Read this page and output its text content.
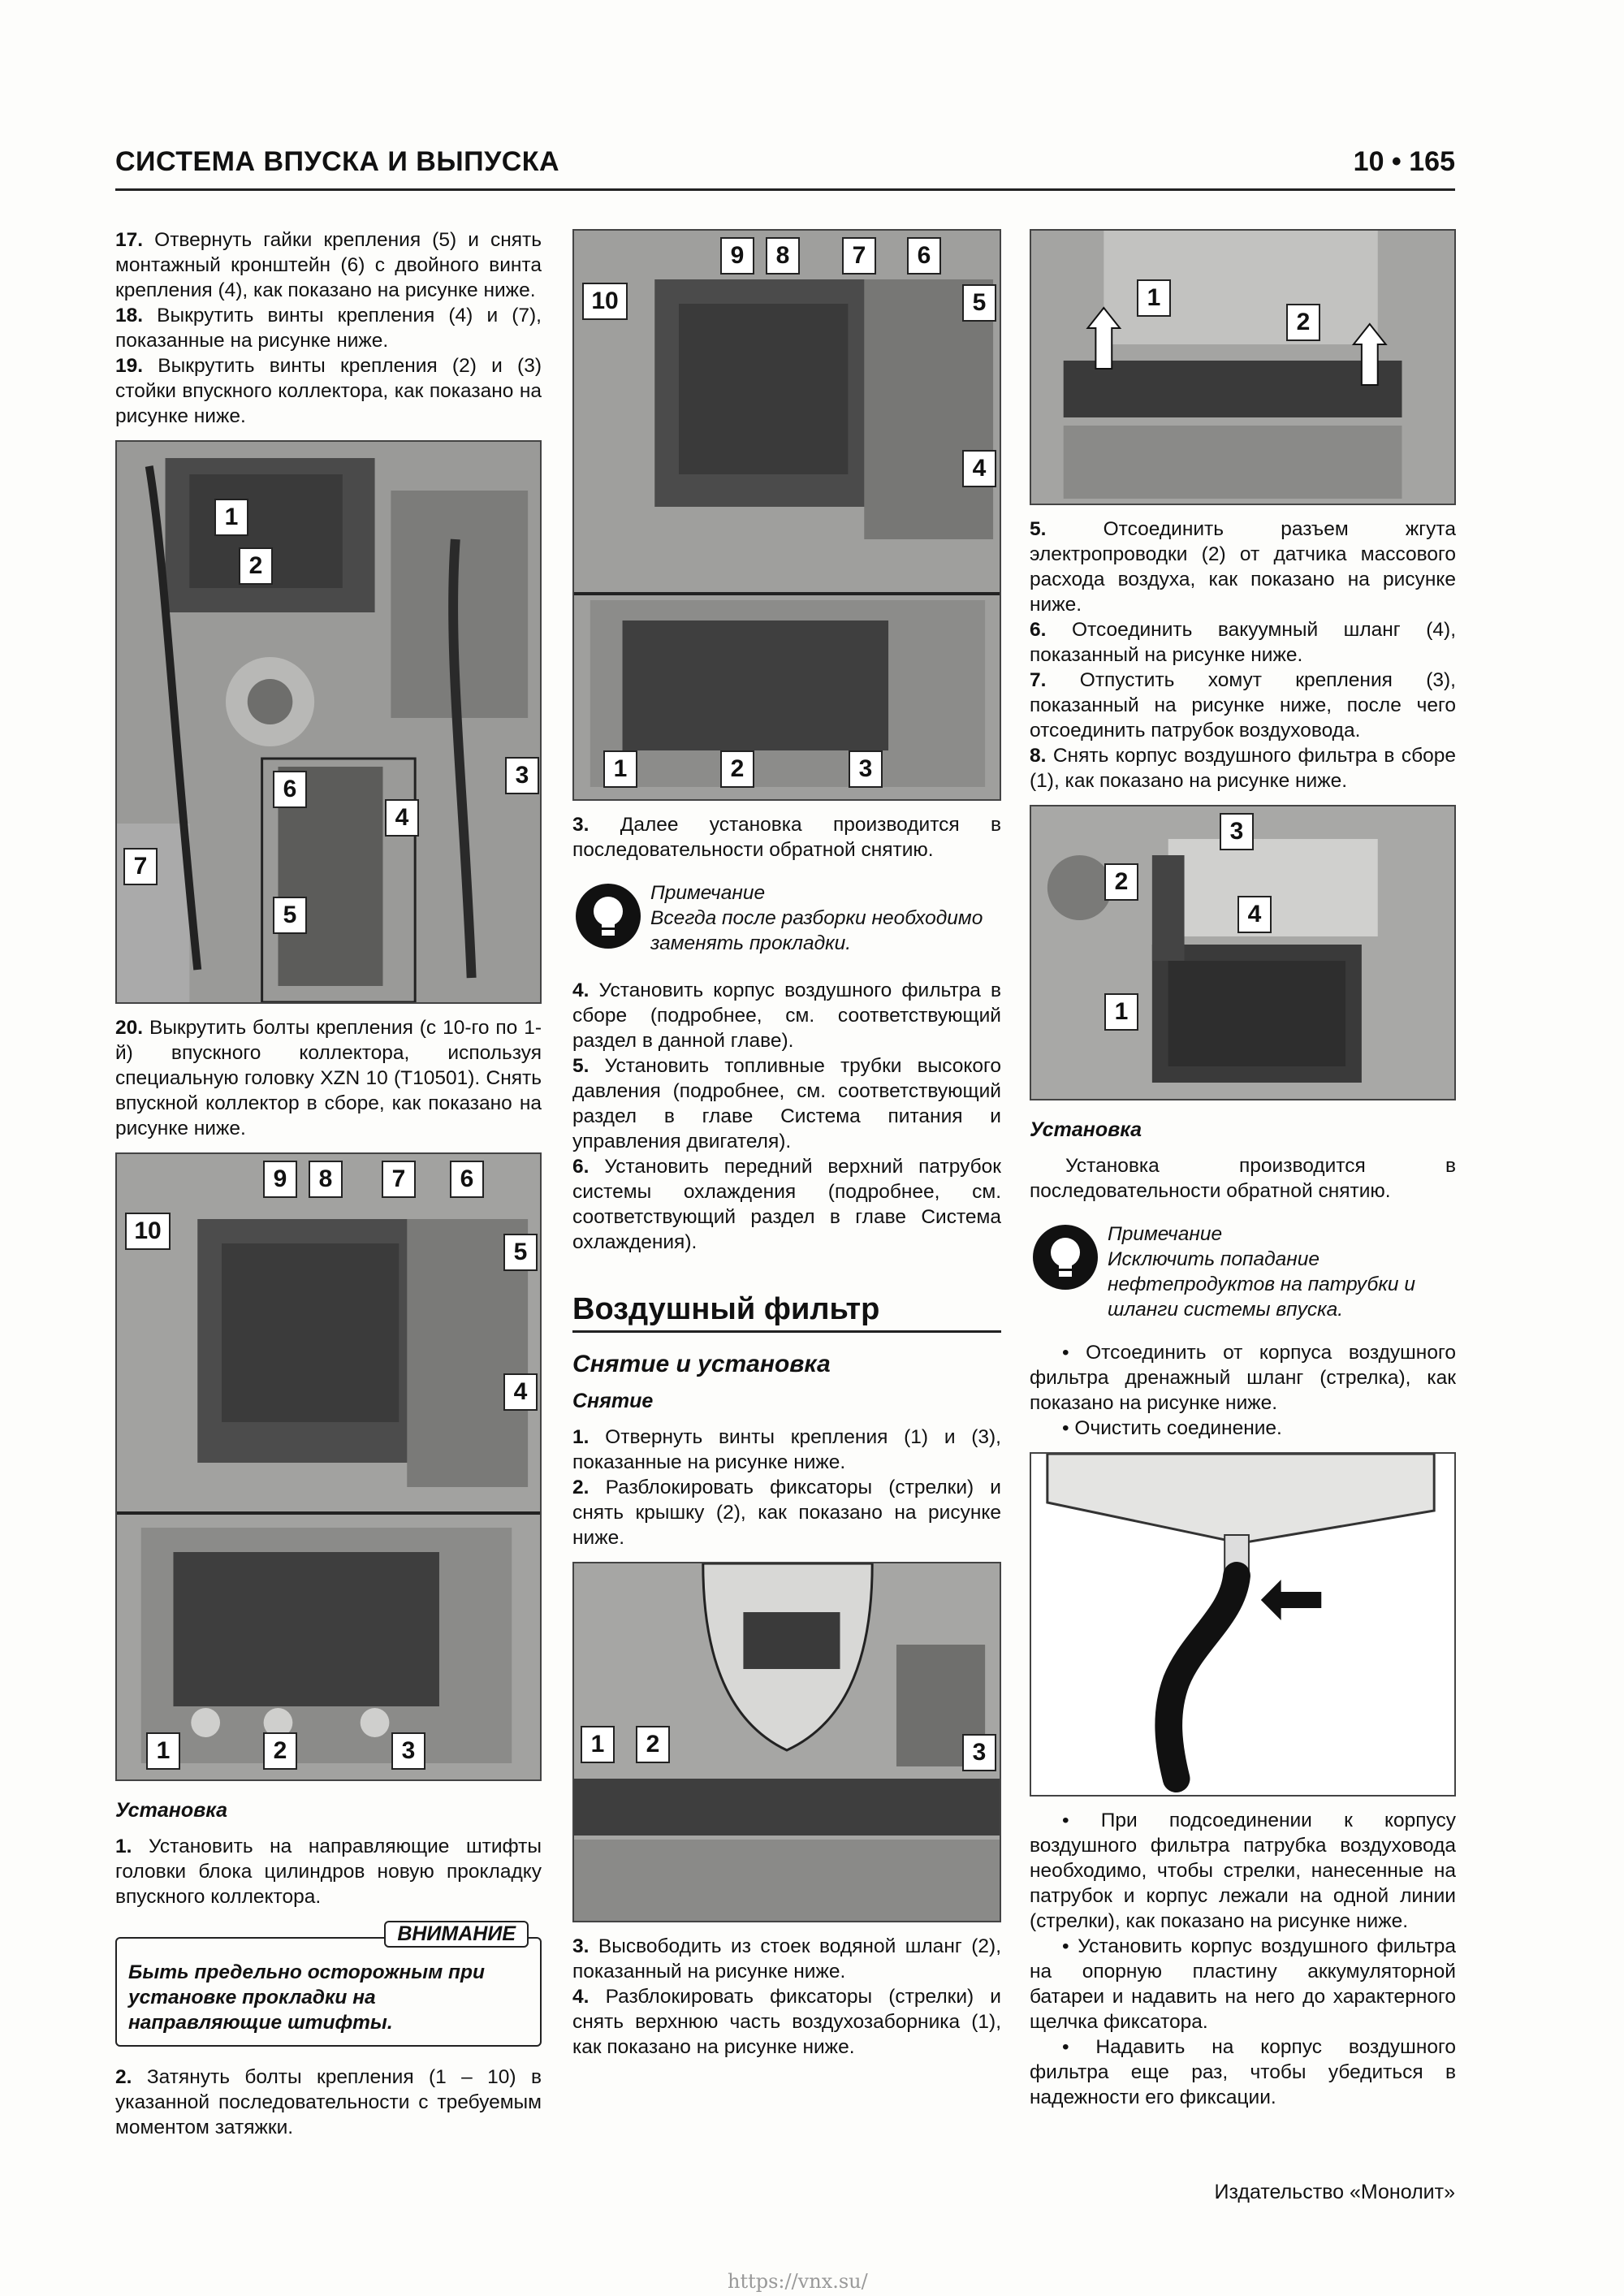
СИСТЕМА ВПУСКА И ВЫПУСКА	10 • 165

17. Отвернуть гайки крепления (5) и снять монтажный кронштейн (6) с двойного винта крепления (4), как показано на рисунке ниже.

18. Выкрутить винты крепления (4) и (7), показанные на рисунке ниже.

19. Выкрутить винты крепления (2) и (3) стойки впускного коллектора, как показано на рисунке ниже.

1
2
3
4
5
6
7

20. Выкрутить болты крепления (с 10-го по 1-й) впускного коллектора, используя специальную головку XZN 10 (T10501). Снять впускной коллектор в сборе, как показано на рисунке ниже.

9	8	7	6
10
5
4
1	2	3
Установка

1. Установить на направляющие штифты головки блока цилиндров новую прокладку впускного коллектора.

ВНИМАНИЕ
Быть предельно осторожным при установке прокладки на направляющие штифты.

2. Затянуть болты крепления (1 – 10) в указанной последовательности с требуемым моментом затяжки.

9	8	7	6
10	5
4
1	2	3

3. Далее установка производится в последовательности обратной снятию.

Примечание
Всегда после разборки необходимо заменять прокладки.

4. Установить корпус воздушного фильтра в сборе (подробнее, см. соответствующий раздел в данной главе).

5. Установить топливные трубки высокого давления (подробнее, см. соответствующий раздел в главе Система питания и управления двигателя).

6. Установить передний верхний патрубок системы охлаждения (подробнее, см. соответствующий раздел в главе Система охлаждения).

Воздушный фильтр
Снятие и установка
Снятие

1. Отвернуть винты крепления (1) и (3), показанные на рисунке ниже.

2. Разблокировать фиксаторы (стрелки) и снять крышку (2), как показано на рисунке ниже.

1	2	3

3. Высвободить из стоек водяной шланг (2), показанный на рисунке ниже.

4. Разблокировать фиксаторы (стрелки) и снять верхнюю часть воздухозаборника (1), как показано на рисунке ниже.

1
2

5. Отсоединить разъем жгута электропроводки (2) от датчика массового расхода воздуха, как показано на рисунке ниже.

6. Отсоединить вакуумный шланг (4), показанный на рисунке ниже.

7. Отпустить хомут крепления (3), показанный на рисунке ниже, после чего отсоединить патрубок воздуховода.

8. Снять корпус воздушного фильтра в сборе (1), как показано на рисунке ниже.

3
2
4
1
Установка

Установка производится в последовательности обратной снятию.

Примечание
Исключить попадание нефтепродуктов на патрубки и шланги системы впуска.

• Отсоединить от корпуса воздушного фильтра дренажный шланг (стрелка), как показано на рисунке ниже.

• Очистить соединение.

• При подсоединении к корпусу воздушного фильтра патрубка воздуховода необходимо, чтобы стрелки, нанесенные на патрубок и корпус лежали на одной линии (стрелки), как показано на рисунке ниже.

• Установить корпус воздушного фильтра на опорную пластину аккумуляторной батареи и надавить на него до характерного щелчка фиксатора.

• Надавить на корпус воздушного фильтра еще раз, чтобы убедиться в надежности его фиксации.

Издательство «Монолит»
https://vnx.su/
